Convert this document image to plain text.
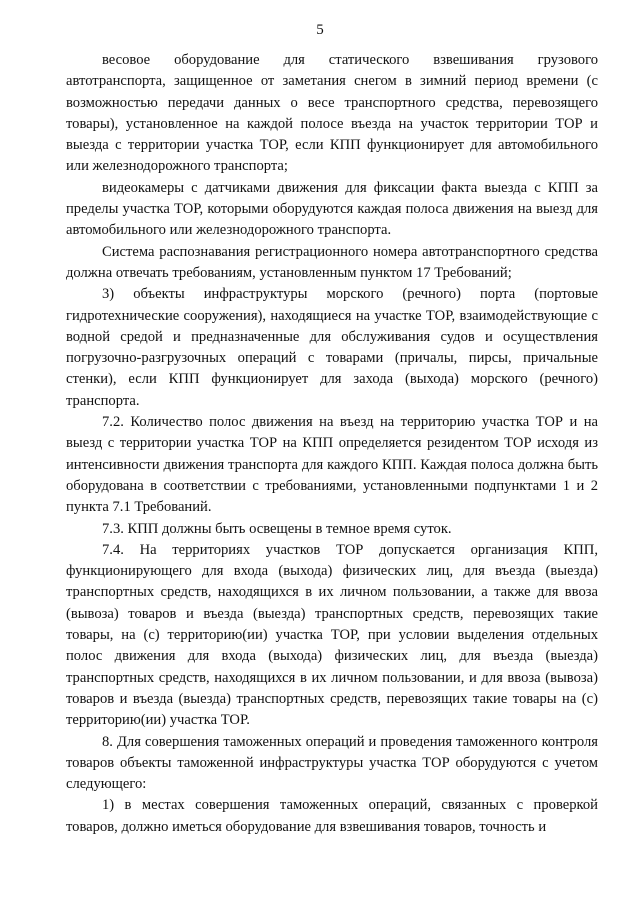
5

весовое оборудование для статического взвешивания грузового автотранспорта, защищенное от заметания снегом в зимний период времени (с возможностью передачи данных о весе транспортного средства, перевозящего товары), установленное на каждой полосе въезда на участок территории ТОР и выезда с территории участка ТОР, если КПП функционирует для автомобильного или железнодорожного транспорта;

видеокамеры с датчиками движения для фиксации факта выезда с КПП за пределы участка ТОР, которыми оборудуются каждая полоса движения на выезд для автомобильного или железнодорожного транспорта.

Система распознавания регистрационного номера автотранспортного средства должна отвечать требованиям, установленным пунктом 17 Требований;

3) объекты инфраструктуры морского (речного) порта (портовые гидротехнические сооружения), находящиеся на участке ТОР, взаимодействующие с водной средой и предназначенные для обслуживания судов и осуществления погрузочно-разгрузочных операций с товарами (причалы, пирсы, причальные стенки), если КПП функционирует для захода (выхода) морского (речного) транспорта.

7.2. Количество полос движения на въезд на территорию участка ТОР и на выезд с территории участка ТОР на КПП определяется резидентом ТОР исходя из интенсивности движения транспорта для каждого КПП. Каждая полоса должна быть оборудована в соответствии с требованиями, установленными подпунктами 1 и 2 пункта 7.1 Требований.

7.3. КПП должны быть освещены в темное время суток.

7.4. На территориях участков ТОР допускается организация КПП, функционирующего для входа (выхода) физических лиц, для въезда (выезда) транспортных средств, находящихся в их личном пользовании, а также для ввоза (вывоза) товаров и въезда (выезда) транспортных средств, перевозящих такие товары, на (с) территорию(ии) участка ТОР, при условии выделения отдельных полос движения для входа (выхода) физических лиц, для въезда (выезда) транспортных средств, находящихся в их личном пользовании, и для ввоза (вывоза) товаров и въезда (выезда) транспортных средств, перевозящих такие товары на (с) территорию(ии) участка ТОР.

8. Для совершения таможенных операций и проведения таможенного контроля товаров объекты таможенной инфраструктуры участка ТОР оборудуются с учетом следующего:

1) в местах совершения таможенных операций, связанных с проверкой товаров, должно иметься оборудование для взвешивания товаров, точность и
